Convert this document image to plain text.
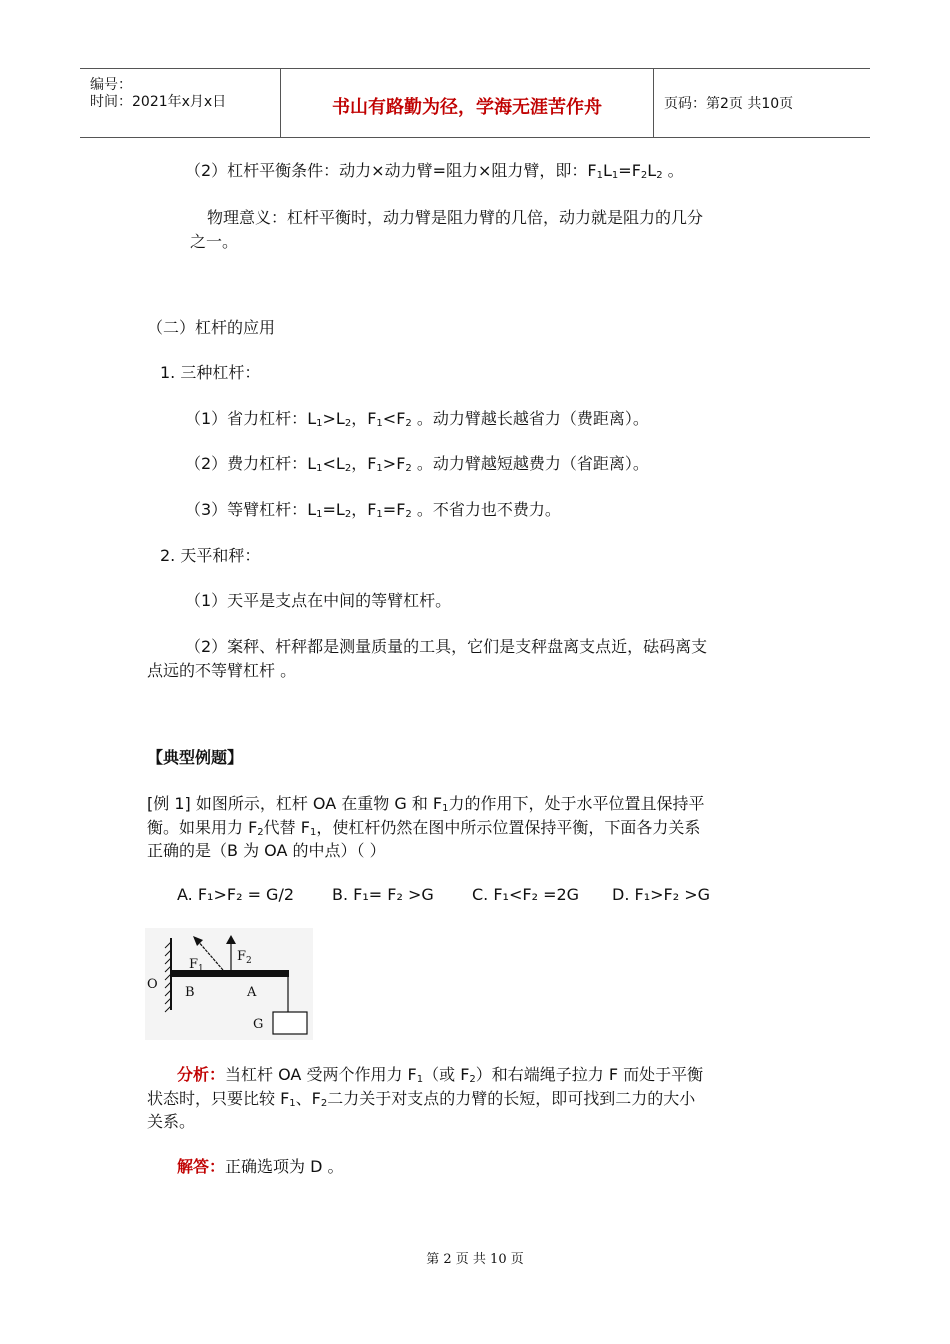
编号：
时间：2021年x月x日	书山有路勤为径，学海无涯苦作舟	页码：第2页 共10页
（2）杠杆平衡条件：动力×动力臂=阻力×阻力臂，即：$F_1L_1=F_2L_2$ 。
物理意义：杠杆平衡时，动力臂是阻力臂的几倍，动力就是阻力的几分
之一。
（二）杠杆的应用
1. 三种杠杆：
（1）省力杠杆：$L_1>L_2$，$F_1<F_2$ 。动力臂越长越省力（费距离）。
（2）费力杠杆：$L_1<L_2$，$F_1>F_2$ 。动力臂越短越费力（省距离）。
（3）等臂杠杆：$L_1=L_2$，$F_1=F_2$ 。不省力也不费力。
2. 天平和秤：
（1）天平是支点在中间的等臂杠杆。
（2）案秤、杆秤都是测量质量的工具，它们是支秤盘离支点近，砝码离支
点远的不等臂杠杆 。
【典型例题】
[例 1] 如图所示，杠杆 OA 在重物 G 和 $F_1$力的作用下，处于水平位置且保持平
衡。如果用力 $F_2$代替 $F_1$，使杠杆仍然在图中所示位置保持平衡，下面各力关系
正确的是（B 为 OA 的中点）（ ）
A. F₁>F₂ = G/2 B. F₁= F₂ >G C. F₁<F₂ =2G D. F₁>F₂ >G
O
B	A
G
F 1
F 2
分析：当杠杆 OA 受两个作用力 $F_1$（或 $F_2$）和右端绳子拉力 F 而处于平衡
状态时，只要比较 $F_1$、$F_2$二力关于对支点的力臂的长短，即可找到二力的大小
关系。
解答：正确选项为 D 。
第 2 页 共 10 页
